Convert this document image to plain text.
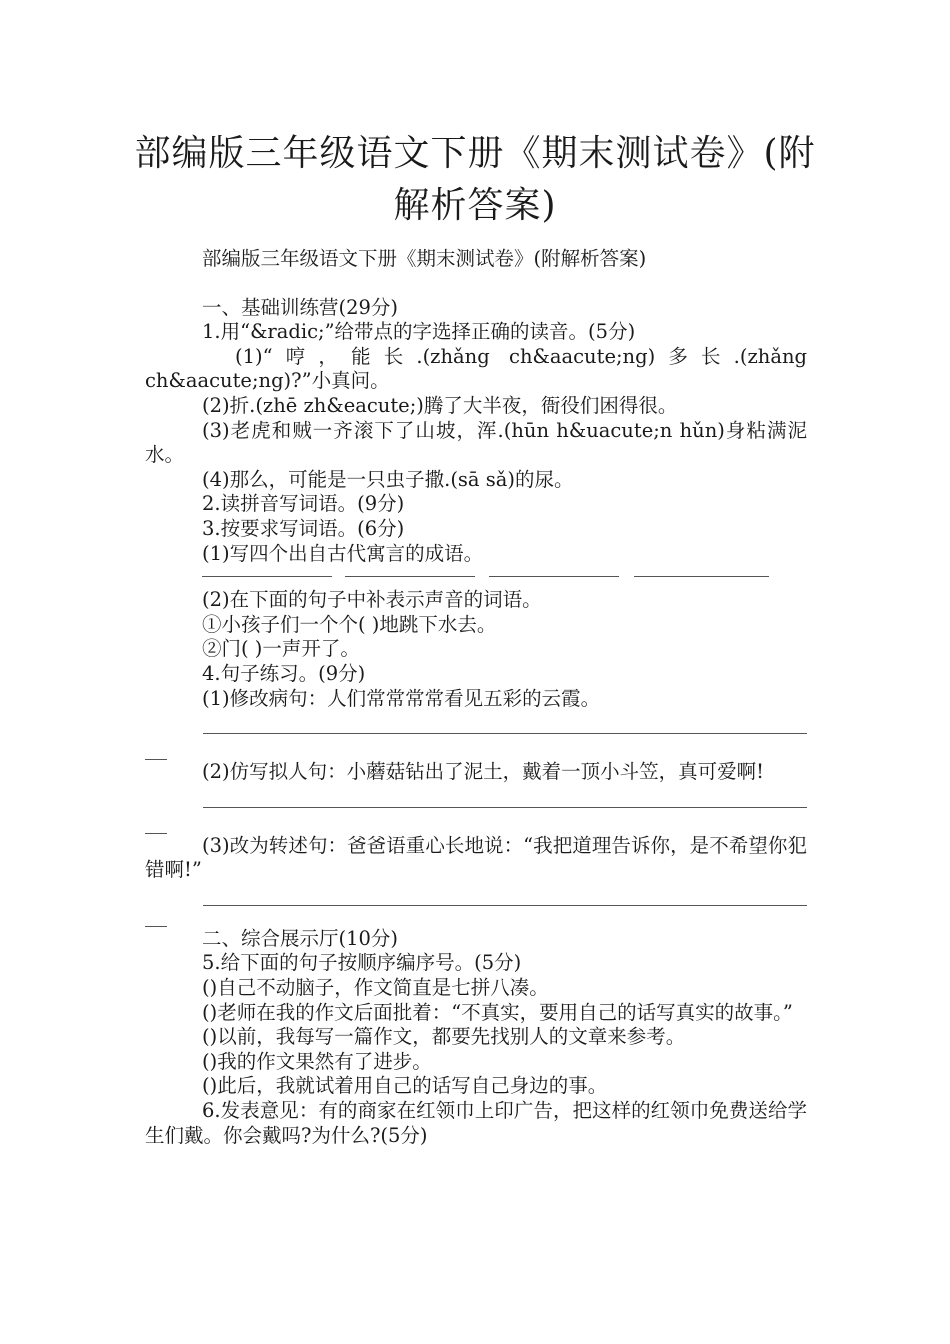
部编版三年级语文下册《期末测试卷》(附解析答案)
部编版三年级语文下册《期末测试卷》(附解析答案)
一、基础训练营(29分)
1.用“&radic;”给带点的字选择正确的读音。(5分)
(1)“哼，能长.(zhǎng ch&aacute;ng)多长.(zhǎng ch&aacute;ng)?”小真问。
(2)折.(zhē zh&eacute;)腾了大半夜，衙役们困得很。
(3)老虎和贼一齐滚下了山坡，浑.(hūn h&uacute;n hǔn)身粘满泥水。
(4)那么，可能是一只虫子撒.(sā sǎ)的尿。
2.读拼音写词语。(9分)
3.按要求写词语。(6分)
(1)写四个出自古代寓言的成语。
(2)在下面的句子中补表示声音的词语。
①小孩子们一个个( )地跳下水去。
②门( )一声开了。
4.句子练习。(9分)
(1)修改病句：人们常常常常看见五彩的云霞。
(2)仿写拟人句：小蘑菇钻出了泥土，戴着一顶小斗笠，真可爱啊!
(3)改为转述句：爸爸语重心长地说：“我把道理告诉你，是不希望你犯错啊!”
二、综合展示厅(10分)
5.给下面的句子按顺序编序号。(5分)
()自己不动脑子，作文简直是七拼八凑。
()老师在我的作文后面批着：“不真实，要用自己的话写真实的故事。”
()以前，我每写一篇作文，都要先找别人的文章来参考。
()我的作文果然有了进步。
()此后，我就试着用自己的话写自己身边的事。
6.发表意见：有的商家在红领巾上印广告，把这样的红领巾免费送给学生们戴。你会戴吗?为什么?(5分)
